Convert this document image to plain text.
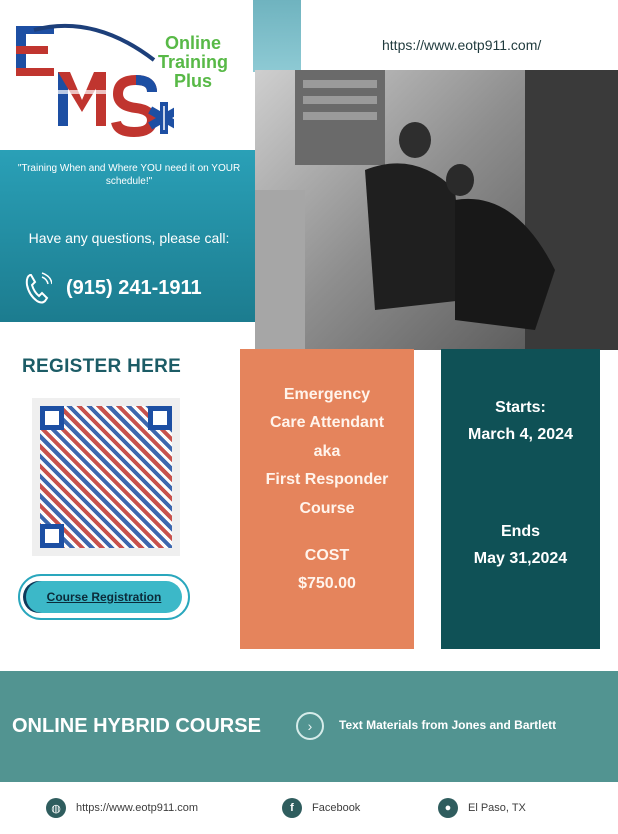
★ ★	Online
Training
Plus
https://www.eotp911.com/
"Training When and Where YOU need it on YOUR schedule!"
Have any questions, please call:
(915) 241-1911
REGISTER HERE
Course Registration
Emergency
Care Attendant
aka
First Responder
Course
COST
$750.00
Starts:
March 4, 2024
Ends
May 31,2024
ONLINE HYBRID COURSE	›	Text Materials from Jones and Bartlett
◍	https://www.eotp911.com	f	Facebook	●	El Paso, TX
